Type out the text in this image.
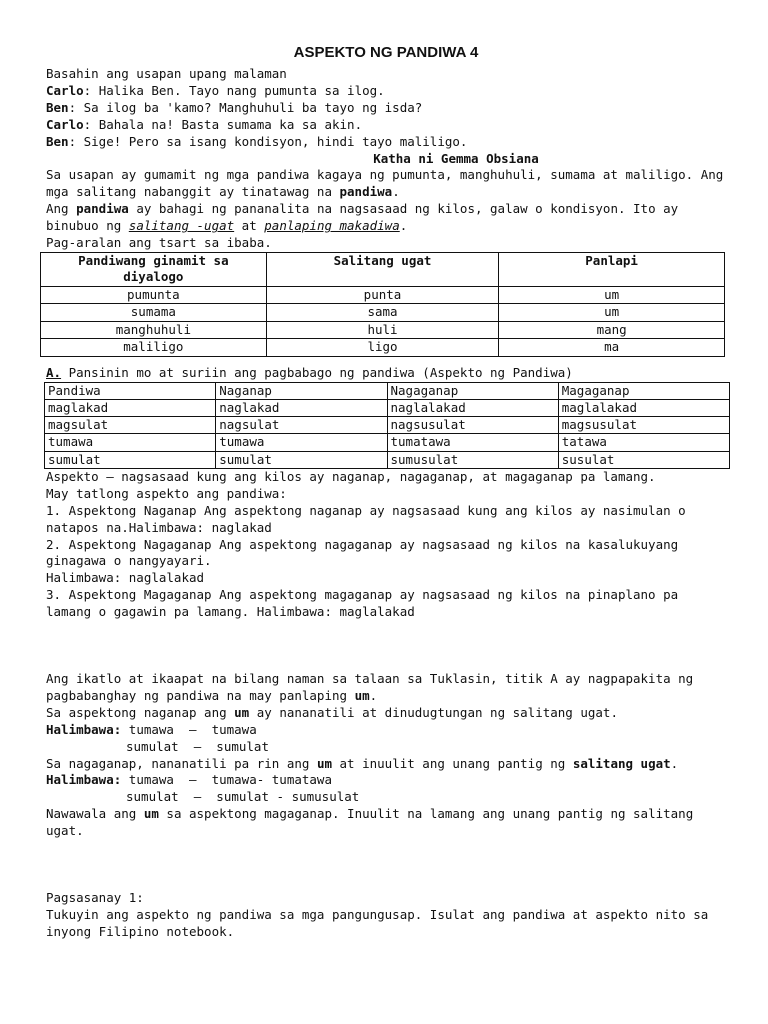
ASPEKTO NG PANDIWA 4
Basahin ang usapan upang malaman
Carlo: Halika Ben. Tayo nang pumunta sa ilog.
Ben: Sa ilog ba 'kamo? Manghuhuli ba tayo ng isda?
Carlo: Bahala na! Basta sumama ka sa akin.
Ben: Sige! Pero sa isang kondisyon, hindi tayo maliligo.
Katha ni Gemma Obsiana
Sa usapan ay gumamit ng mga pandiwa kagaya ng pumunta, manghuhuli, sumama at maliligo. Ang mga salitang nabanggit ay tinatawag na pandiwa.
Ang pandiwa ay bahagi ng pananalita na nagsasaad ng kilos, galaw o kondisyon. Ito ay binubuo ng salitang -ugat at panlaping makadiwa.
Pag-aralan ang tsart sa ibaba.
Pandiwang ginamit sa diyalogo	Salitang ugat	Panlapi
pumunta	punta	um
sumama	sama	um
manghuhuli	huli	mang
maliligo	ligo	ma
A. Pansinin mo at suriin ang pagbabago ng pandiwa (Aspekto ng Pandiwa)
Pandiwa	Naganap	Nagaganap	Magaganap
maglakad	naglakad	naglalakad	maglalakad
magsulat	nagsulat	nagsusulat	magsusulat
tumawa	tumawa	tumatawa	tatawa
sumulat	sumulat	sumusulat	susulat
Aspekto – nagsasaad kung ang kilos ay naganap, nagaganap, at magaganap pa lamang.
May tatlong aspekto ang pandiwa:
1. Aspektong Naganap Ang aspektong naganap ay nagsasaad kung ang kilos ay nasimulan o natapos na.Halimbawa: naglakad
2. Aspektong Nagaganap Ang aspektong nagaganap ay nagsasaad ng kilos na kasalukuyang ginagawa o nangyayari.
Halimbawa: naglalakad
3. Aspektong Magaganap Ang aspektong magaganap ay nagsasaad ng kilos na pinaplano pa lamang o gagawin pa lamang. Halimbawa: maglalakad
Ang ikatlo at ikaapat na bilang naman sa talaan sa Tuklasin, titik A ay nagpapakita ng pagbabanghay ng pandiwa na may panlaping um.
Sa aspektong naganap ang um ay nananatili at dinudugtungan ng salitang ugat.
Halimbawa: tumawa  –  tumawa
sumulat  –  sumulat
Sa nagaganap, nananatili pa rin ang um at inuulit ang unang pantig ng salitang ugat.
Halimbawa: tumawa  –  tumawa- tumatawa
sumulat  –  sumulat - sumusulat
Nawawala ang um sa aspektong magaganap. Inuulit na lamang ang unang pantig ng salitang ugat.
Pagsasanay 1:
Tukuyin ang aspekto ng pandiwa sa mga pangungusap. Isulat ang pandiwa at aspekto nito sa inyong Filipino notebook.
